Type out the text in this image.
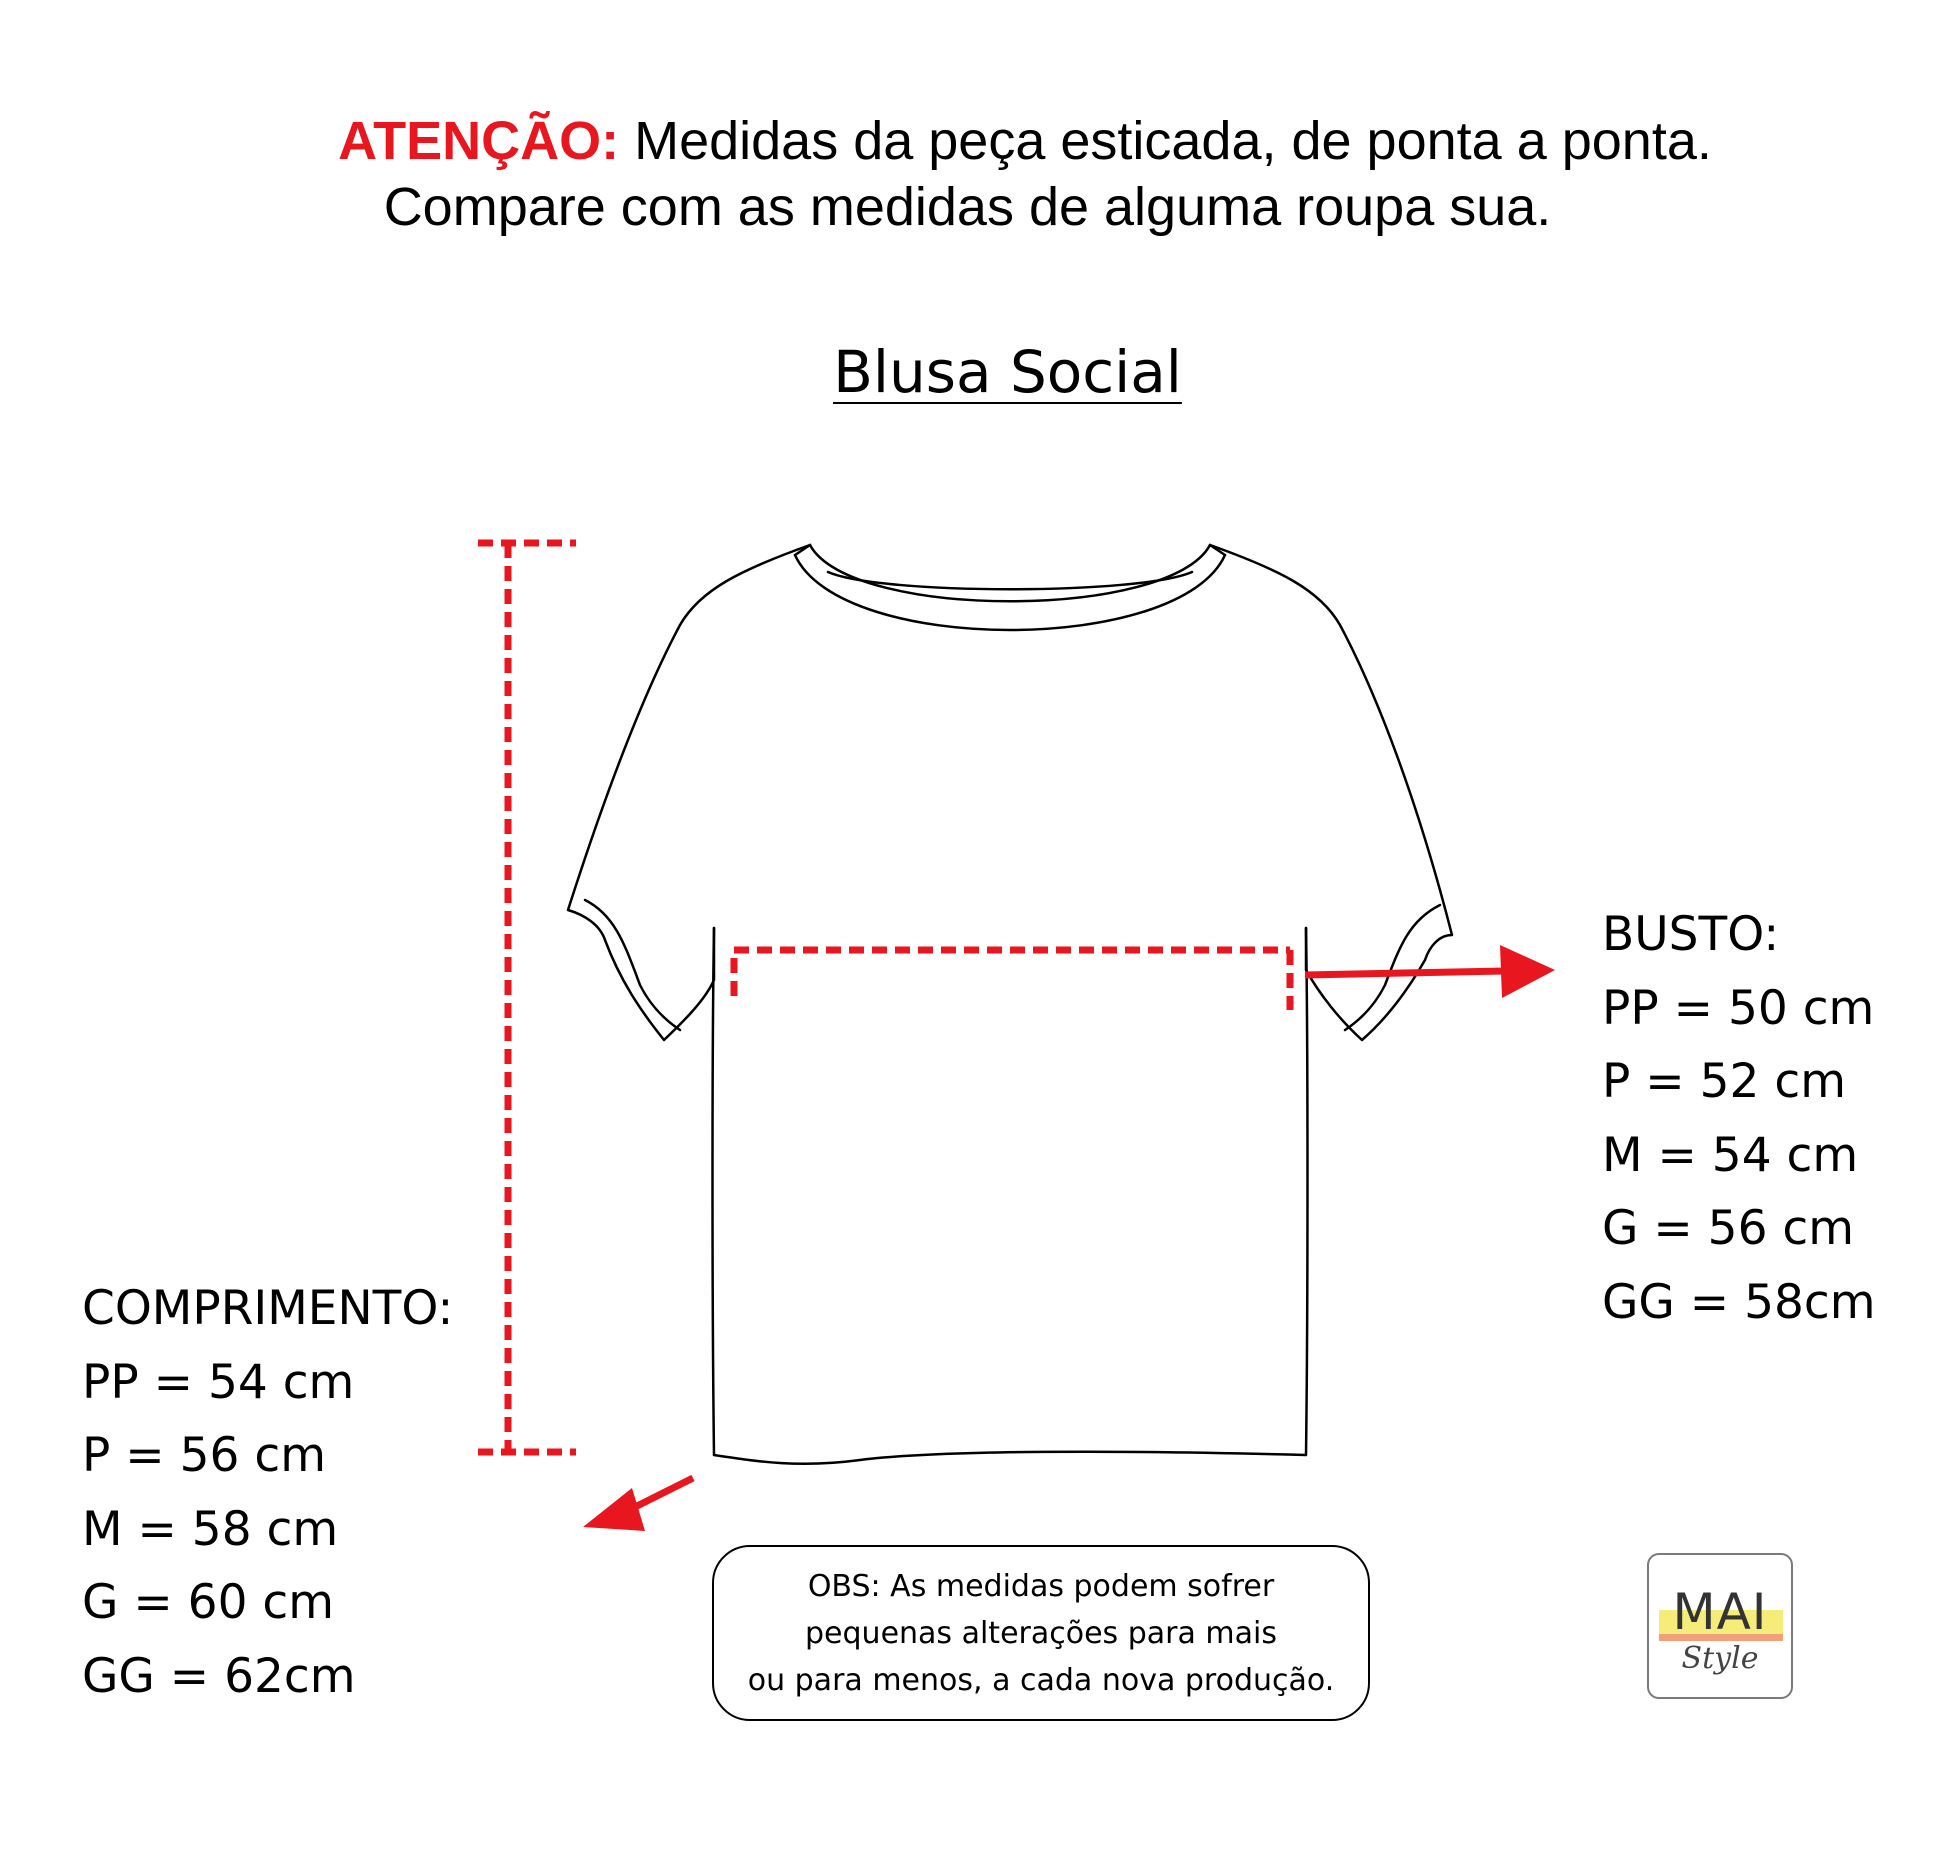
ATENÇÃO: Medidas da peça esticada, de ponta a ponta.
Compare com as medidas de alguma roupa sua.
Blusa Social
BUSTO:
PP = 50 cm
P = 52 cm
M = 54 cm
G = 56 cm
GG = 58cm
COMPRIMENTO:
PP = 54 cm
P = 56 cm
M = 58 cm
G = 60 cm
GG = 62cm
OBS: As medidas podem sofrer
pequenas alterações para mais
ou para menos, a cada nova produção.
MAI
Style
